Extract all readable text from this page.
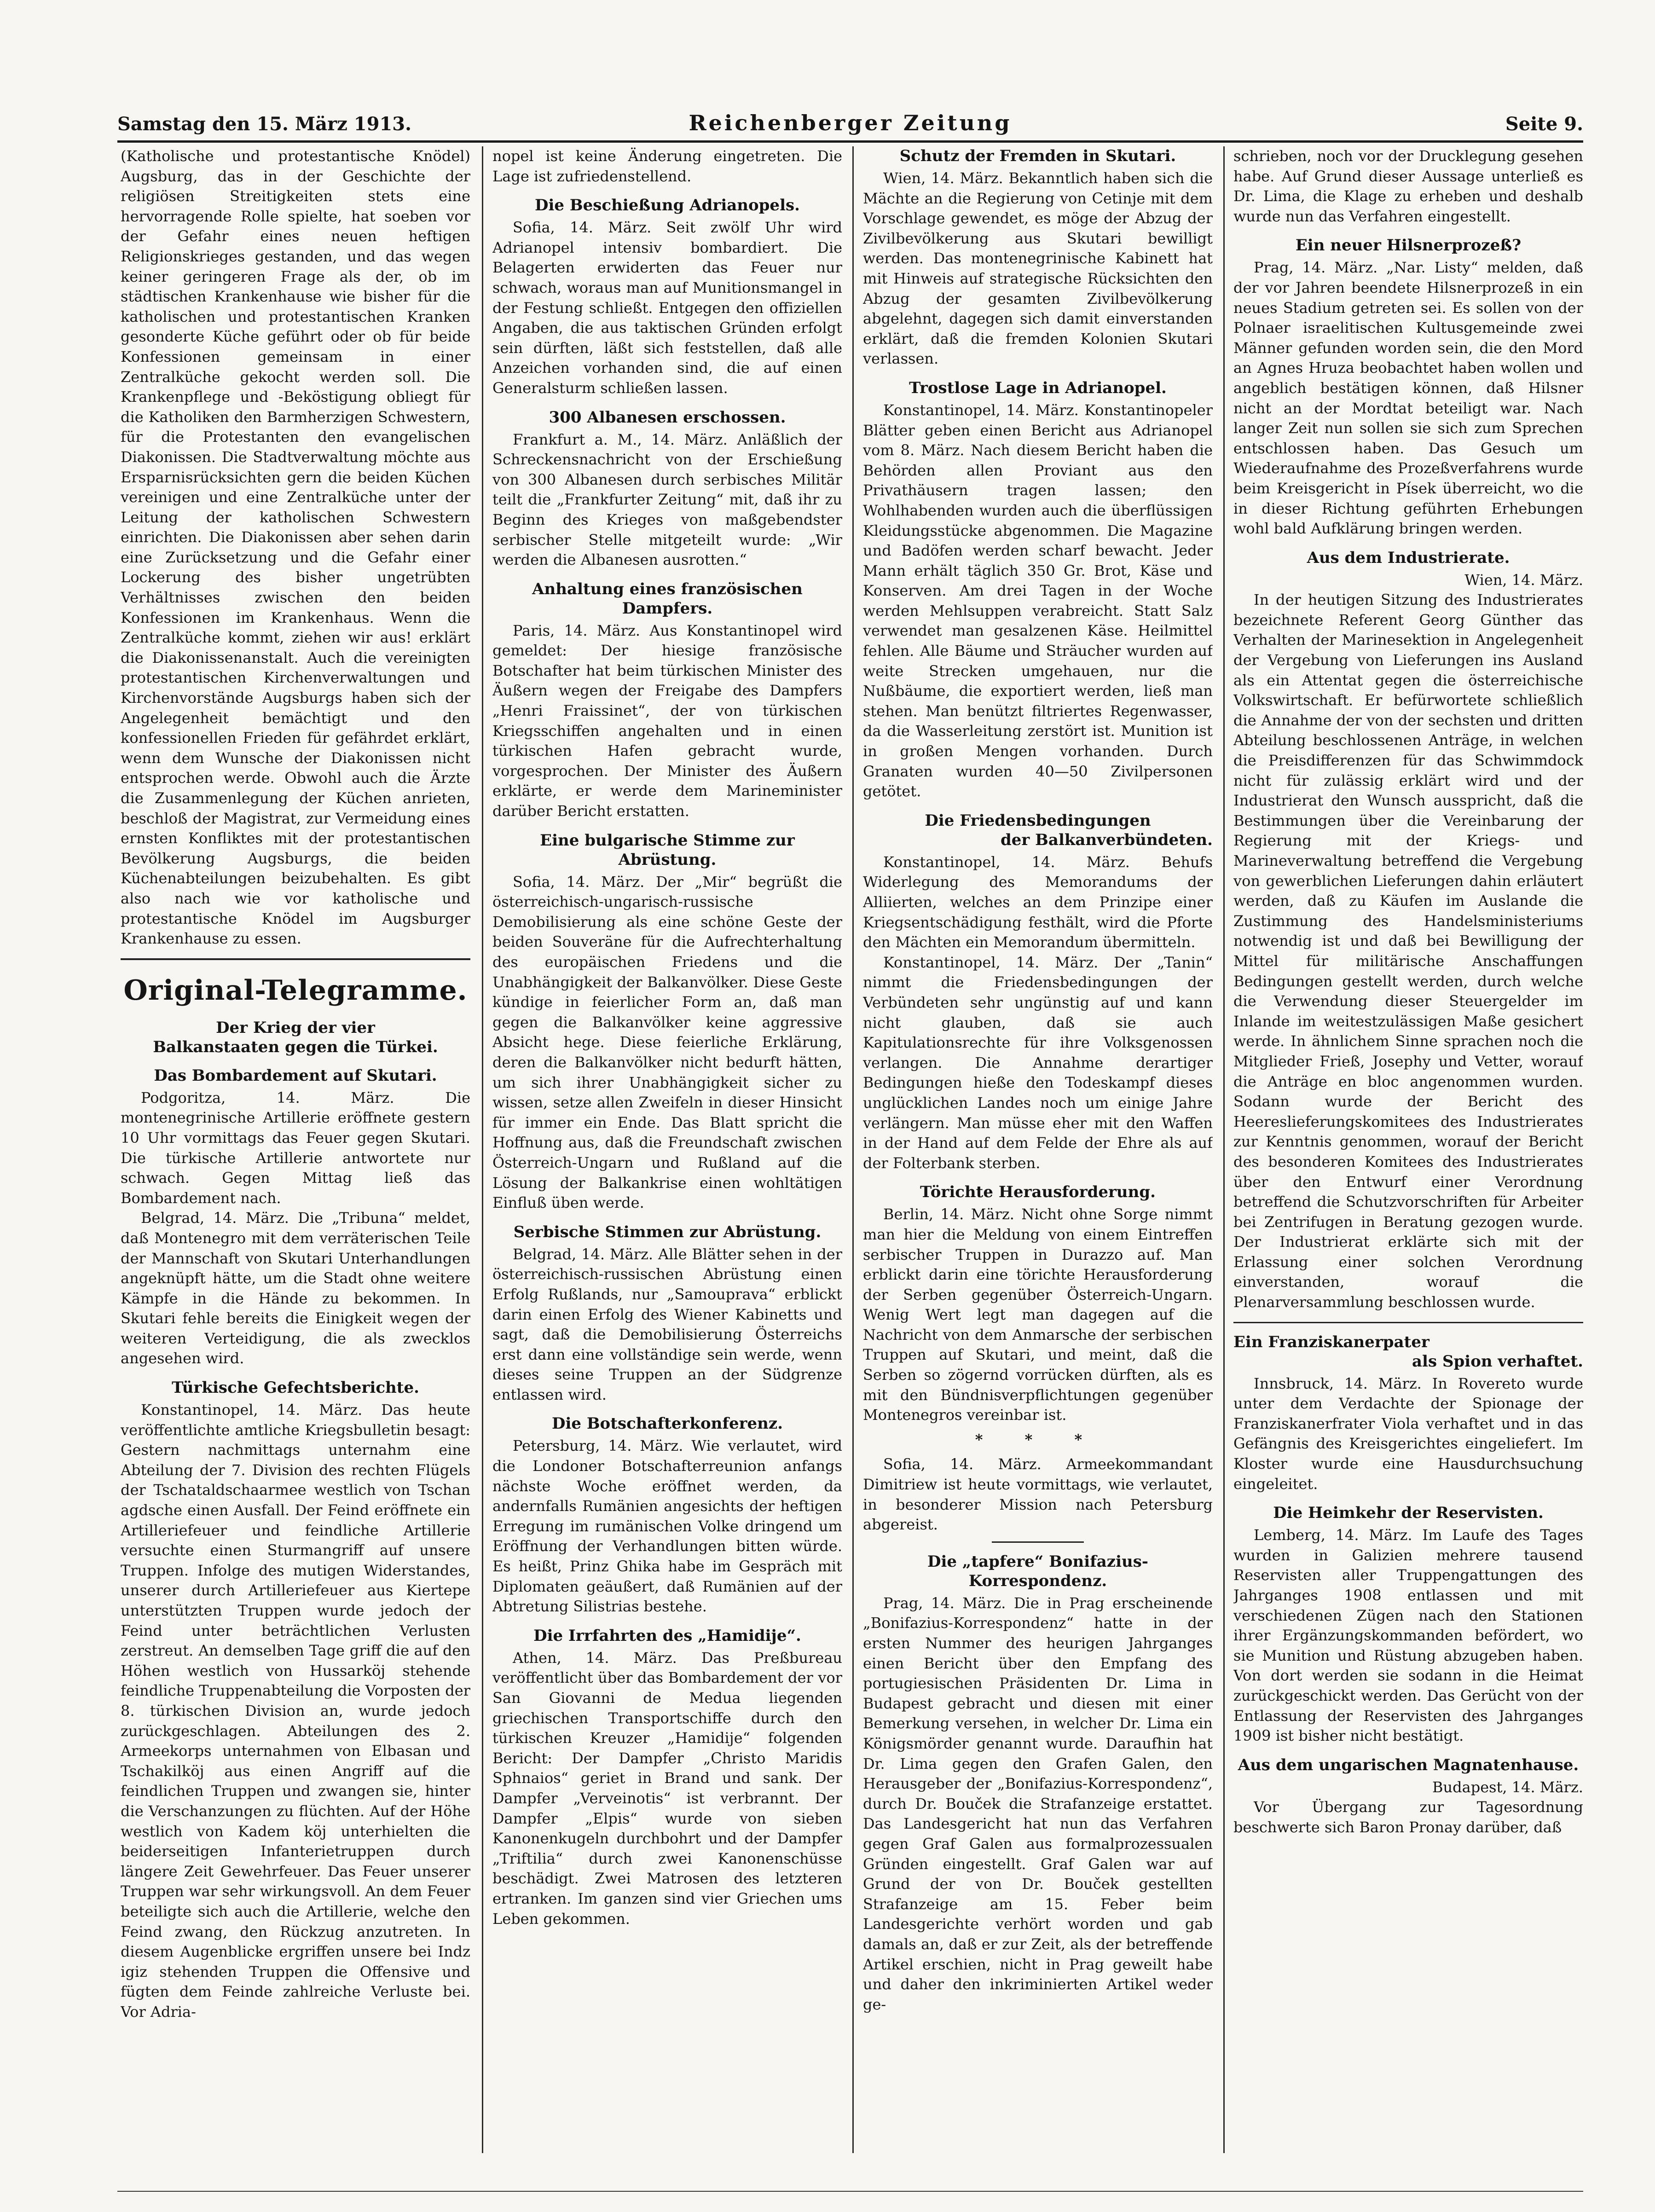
Samstag den 15. März 1913.	Reichenberger Zeitung	Seite 9.

(Katholische und protestantische Knödel) Augsburg, das in der Geschichte der religiösen Streitigkeiten stets eine hervorragende Rolle spielte, hat soeben vor der Gefahr eines neuen heftigen Religionskrieges gestanden, und das wegen keiner geringeren Frage als der, ob im städtischen Krankenhause wie bisher für die katholischen und protestantischen Kranken gesonderte Küche geführt oder ob für beide Konfessionen gemeinsam in einer Zentralküche gekocht werden soll. Die Krankenpflege und -Beköstigung obliegt für die Katholiken den Barmherzigen Schwestern, für die Protestanten den evangelischen Diakonissen. Die Stadtverwaltung möchte aus Ersparnisrücksichten gern die beiden Küchen vereinigen und eine Zentralküche unter der Leitung der katholischen Schwestern einrichten. Die Diakonissen aber sehen darin eine Zurücksetzung und die Gefahr einer Lockerung des bisher ungetrübten Verhältnisses zwischen den beiden Konfessionen im Krankenhaus. Wenn die Zentralküche kommt, ziehen wir aus! erklärt die Diakonissenanstalt. Auch die vereinigten protestantischen Kirchenverwaltungen und Kirchenvorstände Augsburgs haben sich der Angelegenheit bemächtigt und den konfessionellen Frieden für gefährdet erklärt, wenn dem Wunsche der Diakonissen nicht entsprochen werde. Obwohl auch die Ärzte die Zusammenlegung der Küchen anrieten, beschloß der Magistrat, zur Vermeidung eines ernsten Konfliktes mit der protestantischen Bevölkerung Augsburgs, die beiden Küchenabteilungen beizubehalten. Es gibt also nach wie vor katholische und protestantische Knödel im Augsburger Krankenhause zu essen.

Original-Telegramme.
Der Krieg der vier
Balkanstaaten gegen die Türkei.
Das Bombardement auf Skutari.

Podgoritza, 14. März. Die montenegrinische Artillerie eröffnete gestern 10 Uhr vormittags das Feuer gegen Skutari. Die türkische Artillerie antwortete nur schwach. Gegen Mittag ließ das Bombardement nach.

Belgrad, 14. März. Die „Tribuna“ meldet, daß Montenegro mit dem verräterischen Teile der Mannschaft von Skutari Unterhandlungen angeknüpft hätte, um die Stadt ohne weitere Kämpfe in die Hände zu bekommen. In Skutari fehle bereits die Einigkeit wegen der weiteren Verteidigung, die als zwecklos angesehen wird.

Türkische Gefechtsberichte.

Konstantinopel, 14. März. Das heute veröffentlichte amtliche Kriegsbulletin besagt: Gestern nachmittags unternahm eine Abteilung der 7. Division des rechten Flügels der Tschataldschaarmee westlich von Tschan agdsche einen Ausfall. Der Feind eröffnete ein Artilleriefeuer und feindliche Artillerie versuchte einen Sturmangriff auf unsere Truppen. Infolge des mutigen Widerstandes, unserer durch Artilleriefeuer aus Kiertepe unterstützten Truppen wurde jedoch der Feind unter beträchtlichen Verlusten zerstreut. An demselben Tage griff die auf den Höhen westlich von Hussarköj stehende feindliche Truppenabteilung die Vorposten der 8. türkischen Division an, wurde jedoch zurückgeschlagen. Abteilungen des 2. Armeekorps unternahmen von Elbasan und Tschakilköj aus einen Angriff auf die feindlichen Truppen und zwangen sie, hinter die Verschanzungen zu flüchten. Auf der Höhe westlich von Kadem köj unterhielten die beiderseitigen Infanterietruppen durch längere Zeit Gewehrfeuer. Das Feuer unserer Truppen war sehr wirkungsvoll. An dem Feuer beteiligte sich auch die Artillerie, welche den Feind zwang, den Rückzug anzutreten. In diesem Augenblicke ergriffen unsere bei Indz igiz stehenden Truppen die Offensive und fügten dem Feinde zahlreiche Verluste bei. Vor Adria-

nopel ist keine Änderung eingetreten. Die Lage ist zufriedenstellend.

Die Beschießung Adrianopels.

Sofia, 14. März. Seit zwölf Uhr wird Adrianopel intensiv bombardiert. Die Belagerten erwiderten das Feuer nur schwach, woraus man auf Munitionsmangel in der Festung schließt. Entgegen den offiziellen Angaben, die aus taktischen Gründen erfolgt sein dürften, läßt sich feststellen, daß alle Anzeichen vorhanden sind, die auf einen Generalsturm schließen lassen.

300 Albanesen erschossen.

Frankfurt a. M., 14. März. Anläßlich der Schreckensnachricht von der Erschießung von 300 Albanesen durch serbisches Militär teilt die „Frankfurter Zeitung“ mit, daß ihr zu Beginn des Krieges von maßgebendster serbischer Stelle mitgeteilt wurde: „Wir werden die Albanesen ausrotten.“

Anhaltung eines französischen Dampfers.

Paris, 14. März. Aus Konstantinopel wird gemeldet: Der hiesige französische Botschafter hat beim türkischen Minister des Äußern wegen der Freigabe des Dampfers „Henri Fraissinet“, der von türkischen Kriegsschiffen angehalten und in einen türkischen Hafen gebracht wurde, vorgesprochen. Der Minister des Äußern erklärte, er werde dem Marineminister darüber Bericht erstatten.

Eine bulgarische Stimme zur Abrüstung.

Sofia, 14. März. Der „Mir“ begrüßt die österreichisch-ungarisch-russische Demobilisierung als eine schöne Geste der beiden Souveräne für die Aufrechterhaltung des europäischen Friedens und die Unabhängigkeit der Balkanvölker. Diese Geste kündige in feierlicher Form an, daß man gegen die Balkanvölker keine aggressive Absicht hege. Diese feierliche Erklärung, deren die Balkanvölker nicht bedurft hätten, um sich ihrer Unabhängigkeit sicher zu wissen, setze allen Zweifeln in dieser Hinsicht für immer ein Ende. Das Blatt spricht die Hoffnung aus, daß die Freundschaft zwischen Österreich-Ungarn und Rußland auf die Lösung der Balkankrise einen wohltätigen Einfluß üben werde.

Serbische Stimmen zur Abrüstung.

Belgrad, 14. März. Alle Blätter sehen in der österreichisch-russischen Abrüstung einen Erfolg Rußlands, nur „Samouprava“ erblickt darin einen Erfolg des Wiener Kabinetts und sagt, daß die Demobilisierung Österreichs erst dann eine vollständige sein werde, wenn dieses seine Truppen an der Südgrenze entlassen wird.

Die Botschafterkonferenz.

Petersburg, 14. März. Wie verlautet, wird die Londoner Botschafterreunion anfangs nächste Woche eröffnet werden, da andernfalls Rumänien angesichts der heftigen Erregung im rumänischen Volke dringend um Eröffnung der Verhandlungen bitten würde. Es heißt, Prinz Ghika habe im Gespräch mit Diplomaten geäußert, daß Rumänien auf der Abtretung Silistrias bestehe.

Die Irrfahrten des „Hamidije“.

Athen, 14. März. Das Preßbureau veröffentlicht über das Bombardement der vor San Giovanni de Medua liegenden griechischen Transportschiffe durch den türkischen Kreuzer „Hamidije“ folgenden Bericht: Der Dampfer „Christo Maridis Sphnaios“ geriet in Brand und sank. Der Dampfer „Verveinotis“ ist verbrannt. Der Dampfer „Elpis“ wurde von sieben Kanonenkugeln durchbohrt und der Dampfer „Triftilia“ durch zwei Kanonenschüsse beschädigt. Zwei Matrosen des letzteren ertranken. Im ganzen sind vier Griechen ums Leben gekommen.

Schutz der Fremden in Skutari.

Wien, 14. März. Bekanntlich haben sich die Mächte an die Regierung von Cetinje mit dem Vorschlage gewendet, es möge der Abzug der Zivilbevölkerung aus Skutari bewilligt werden. Das montenegrinische Kabinett hat mit Hinweis auf strategische Rücksichten den Abzug der gesamten Zivilbevölkerung abgelehnt, dagegen sich damit einverstanden erklärt, daß die fremden Kolonien Skutari verlassen.

Trostlose Lage in Adrianopel.

Konstantinopel, 14. März. Konstantinopeler Blätter geben einen Bericht aus Adrianopel vom 8. März. Nach diesem Bericht haben die Behörden allen Proviant aus den Privathäusern tragen lassen; den Wohlhabenden wurden auch die überflüssigen Kleidungsstücke abgenommen. Die Magazine und Badöfen werden scharf bewacht. Jeder Mann erhält täglich 350 Gr. Brot, Käse und Konserven. Am drei Tagen in der Woche werden Mehlsuppen verabreicht. Statt Salz verwendet man gesalzenen Käse. Heilmittel fehlen. Alle Bäume und Sträucher wurden auf weite Strecken umgehauen, nur die Nußbäume, die exportiert werden, ließ man stehen. Man benützt filtriertes Regenwasser, da die Wasserleitung zerstört ist. Munition ist in großen Mengen vorhanden. Durch Granaten wurden 40—50 Zivilpersonen getötet.

Die Friedensbedingungen
der Balkanverbündeten.

Konstantinopel, 14. März. Behufs Widerlegung des Memorandums der Alliierten, welches an dem Prinzipe einer Kriegsentschädigung festhält, wird die Pforte den Mächten ein Memorandum übermitteln.

Konstantinopel, 14. März. Der „Tanin“ nimmt die Friedensbedingungen der Verbündeten sehr ungünstig auf und kann nicht glauben, daß sie auch Kapitulationsrechte für ihre Volksgenossen verlangen. Die Annahme derartiger Bedingungen hieße den Todeskampf dieses unglücklichen Landes noch um einige Jahre verlängern. Man müsse eher mit den Waffen in der Hand auf dem Felde der Ehre als auf der Folterbank sterben.

Törichte Herausforderung.

Berlin, 14. März. Nicht ohne Sorge nimmt man hier die Meldung von einem Eintreffen serbischer Truppen in Durazzo auf. Man erblickt darin eine törichte Herausforderung der Serben gegenüber Österreich-Ungarn. Wenig Wert legt man dagegen auf die Nachricht von dem Anmarsche der serbischen Truppen auf Skutari, und meint, daß die Serben so zögernd vorrücken dürften, als es mit den Bündnisverpflichtungen gegenüber Montenegros vereinbar ist.

* * *

Sofia, 14. März. Armeekommandant Dimitriew ist heute vormittags, wie verlautet, in besonderer Mission nach Petersburg abgereist.

Die „tapfere“ Bonifazius-Korrespondenz.

Prag, 14. März. Die in Prag erscheinende „Bonifazius-Korrespondenz“ hatte in der ersten Nummer des heurigen Jahrganges einen Bericht über den Empfang des portugiesischen Präsidenten Dr. Lima in Budapest gebracht und diesen mit einer Bemerkung versehen, in welcher Dr. Lima ein Königsmörder genannt wurde. Daraufhin hat Dr. Lima gegen den Grafen Galen, den Herausgeber der „Bonifazius-Korrespondenz“, durch Dr. Bouček die Strafanzeige erstattet. Das Landesgericht hat nun das Verfahren gegen Graf Galen aus formalprozessualen Gründen eingestellt. Graf Galen war auf Grund der von Dr. Bouček gestellten Strafanzeige am 15. Feber beim Landesgerichte verhört worden und gab damals an, daß er zur Zeit, als der betreffende Artikel erschien, nicht in Prag geweilt habe und daher den inkriminierten Artikel weder ge-

schrieben, noch vor der Drucklegung gesehen habe. Auf Grund dieser Aussage unterließ es Dr. Lima, die Klage zu erheben und deshalb wurde nun das Verfahren eingestellt.

Ein neuer Hilsnerprozeß?

Prag, 14. März. „Nar. Listy“ melden, daß der vor Jahren beendete Hilsnerprozeß in ein neues Stadium getreten sei. Es sollen von der Polnaer israelitischen Kultusgemeinde zwei Männer gefunden worden sein, die den Mord an Agnes Hruza beobachtet haben wollen und angeblich bestätigen können, daß Hilsner nicht an der Mordtat beteiligt war. Nach langer Zeit nun sollen sie sich zum Sprechen entschlossen haben. Das Gesuch um Wiederaufnahme des Prozeßverfahrens wurde beim Kreisgericht in Písek überreicht, wo die in dieser Richtung geführten Erhebungen wohl bald Aufklärung bringen werden.

Aus dem Industrierate.
Wien, 14. März.

In der heutigen Sitzung des Industrierates bezeichnete Referent Georg Günther das Verhalten der Marinesektion in Angelegenheit der Vergebung von Lieferungen ins Ausland als ein Attentat gegen die österreichische Volkswirtschaft. Er befürwortete schließlich die Annahme der von der sechsten und dritten Abteilung beschlossenen Anträge, in welchen die Preisdifferenzen für das Schwimmdock nicht für zulässig erklärt wird und der Industrierat den Wunsch ausspricht, daß die Bestimmungen über die Vereinbarung der Regierung mit der Kriegs- und Marineverwaltung betreffend die Vergebung von gewerblichen Lieferungen dahin erläutert werden, daß zu Käufen im Auslande die Zustimmung des Handelsministeriums notwendig ist und daß bei Bewilligung der Mittel für militärische Anschaffungen Bedingungen gestellt werden, durch welche die Verwendung dieser Steuergelder im Inlande im weitestzulässigen Maße gesichert werde. In ähnlichem Sinne sprachen noch die Mitglieder Frieß, Josephy und Vetter, worauf die Anträge en bloc angenommen wurden. Sodann wurde der Bericht des Heereslieferungskomitees des Industrierates zur Kenntnis genommen, worauf der Bericht des besonderen Komitees des Industrierates über den Entwurf einer Verordnung betreffend die Schutzvorschriften für Arbeiter bei Zentrifugen in Beratung gezogen wurde. Der Industrierat erklärte sich mit der Erlassung einer solchen Verordnung einverstanden, worauf die Plenarversammlung beschlossen wurde.

Ein Franziskanerpater
als Spion verhaftet.

Innsbruck, 14. März. In Rovereto wurde unter dem Verdachte der Spionage der Franziskanerfrater Viola verhaftet und in das Gefängnis des Kreisgerichtes eingeliefert. Im Kloster wurde eine Hausdurchsuchung eingeleitet.

Die Heimkehr der Reservisten.

Lemberg, 14. März. Im Laufe des Tages wurden in Galizien mehrere tausend Reservisten aller Truppengattungen des Jahrganges 1908 entlassen und mit verschiedenen Zügen nach den Stationen ihrer Ergänzungskommanden befördert, wo sie Munition und Rüstung abzugeben haben. Von dort werden sie sodann in die Heimat zurückgeschickt werden. Das Gerücht von der Entlassung der Reservisten des Jahrganges 1909 ist bisher nicht bestätigt.

Aus dem ungarischen Magnatenhause.
Budapest, 14. März.

Vor Übergang zur Tagesordnung beschwerte sich Baron Pronay darüber, daß
